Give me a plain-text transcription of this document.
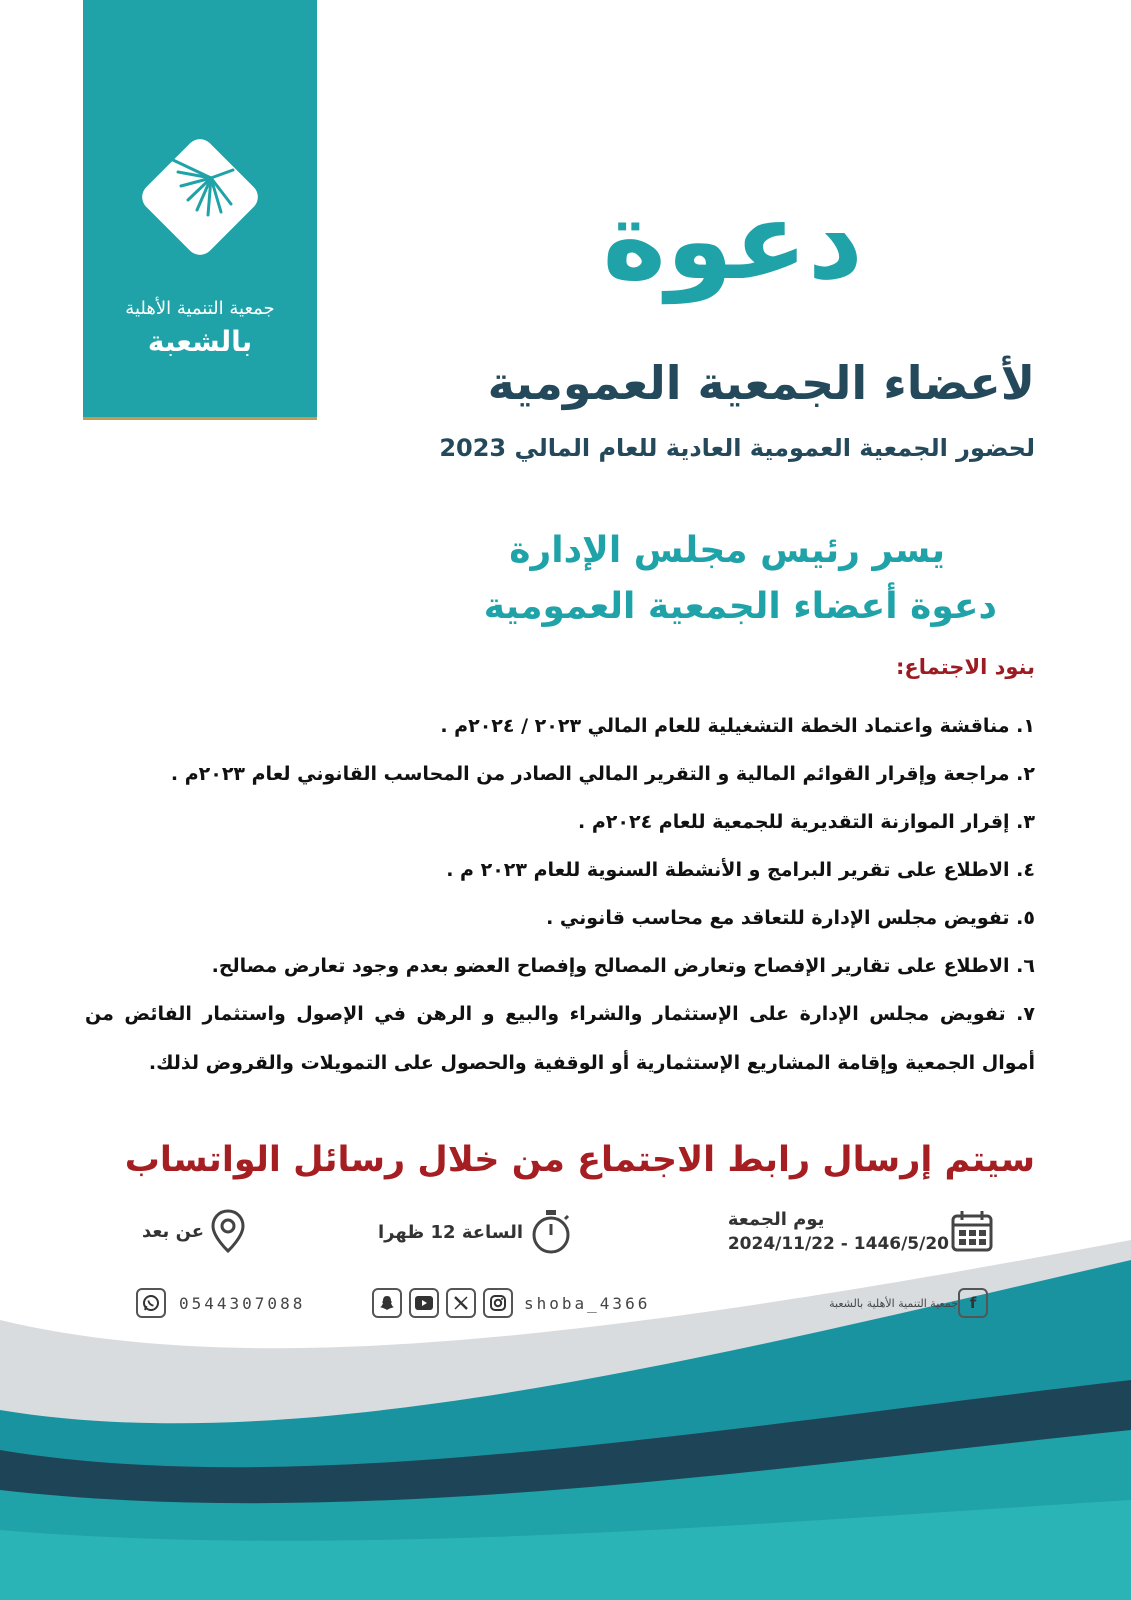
جمعية التنمية الأهلية
بالشعبة
دعوة
لأعضاء الجمعية العمومية
لحضور الجمعية العمومية العادية للعام المالي 2023
يسر رئيس مجلس الإدارة
دعوة أعضاء الجمعية العمومية
بنود الاجتماع:
١. مناقشة واعتماد الخطة التشغيلية للعام المالي ٢٠٢٣ / ٢٠٢٤م .
٢. مراجعة وإقرار القوائم المالية و التقرير المالي الصادر من المحاسب القانوني لعام ٢٠٢٣م .
٣. إقرار الموازنة التقديرية للجمعية للعام ٢٠٢٤م .
٤. الاطلاع على تقرير البرامج و الأنشطة السنوية للعام ٢٠٢٣ م .
٥. تفويض مجلس الإدارة للتعاقد مع محاسب قانوني .
٦. الاطلاع على تقارير الإفصاح وتعارض المصالح وإفصاح العضو بعدم وجود تعارض مصالح.
٧. تفويض مجلس الإدارة على الإستثمار والشراء والبيع و الرهن في الإصول واستثمار الفائض من أموال الجمعية وإقامة المشاريع الإستثمارية أو الوقفية والحصول على التمويلات والقروض لذلك.
سيتم إرسال رابط الاجتماع من خلال رسائل الواتساب
يوم الجمعة
1446/5/20 - 2024/11/22
الساعة 12 ظهرا
عن بعد
جمعية التنمية الأهلية بالشعبة f
shoba_4366
0544307088
